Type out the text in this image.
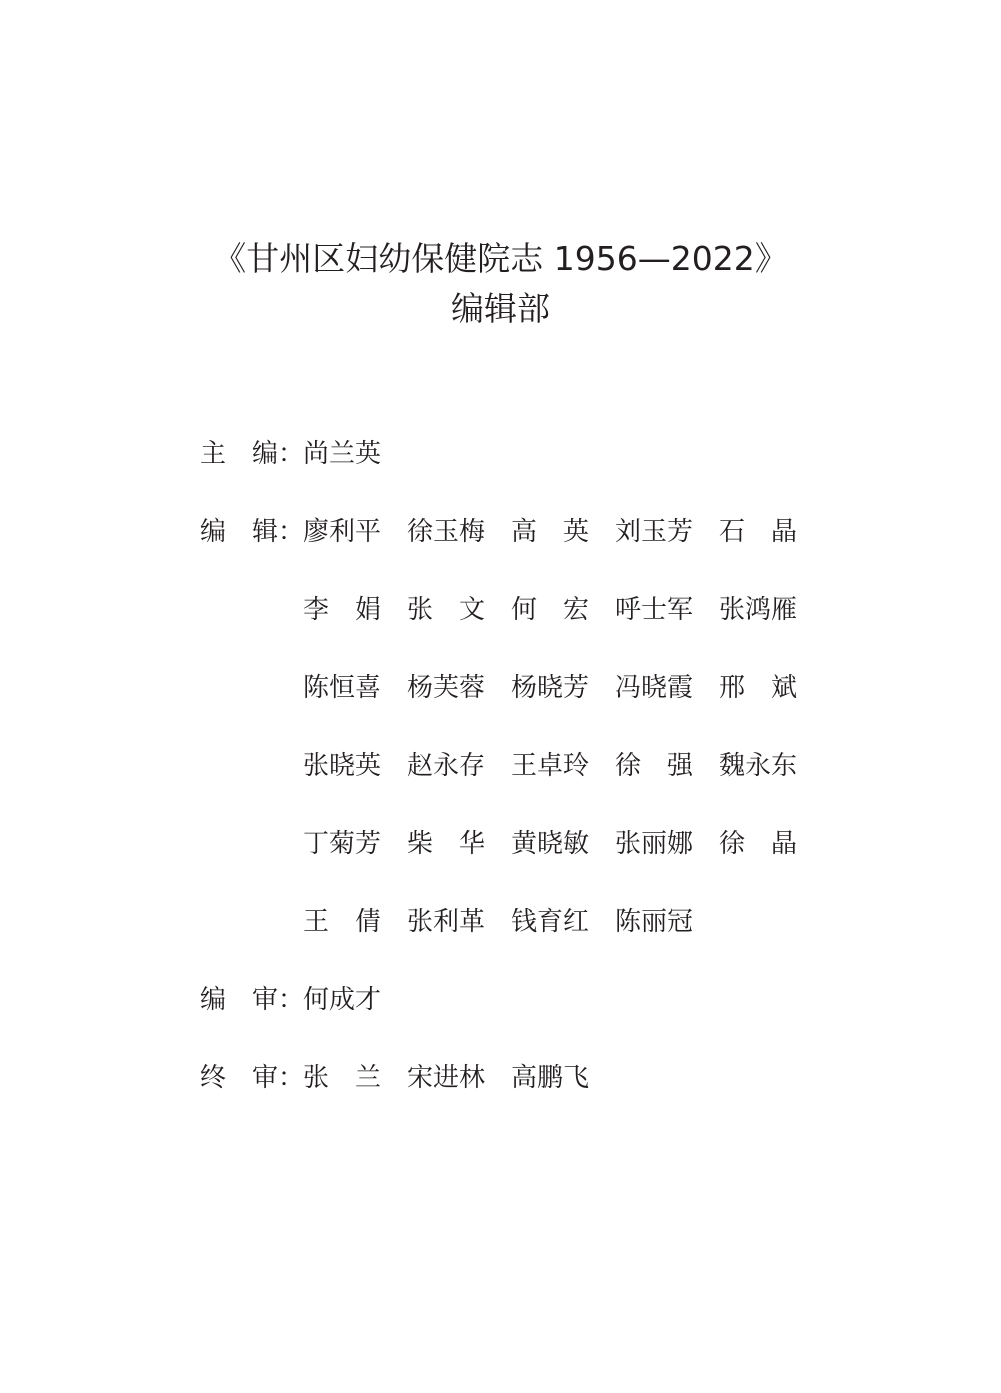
《甘州区妇幼保健院志 1956—2022》
编辑部
主 编 ：
尚兰英
编 辑 ：
廖利平 徐玉梅 高 英 刘玉芳 石 晶
李 娟 张 文 何 宏 呼士军 张鸿雁
陈恒喜 杨芙蓉 杨晓芳 冯晓霞 邢 斌
张晓英 赵永存 王卓玲 徐 强 魏永东
丁菊芳 柴 华 黄晓敏 张丽娜 徐 晶
王 倩 张利革 钱育红 陈丽冠
编 审 ：
何成才
终 审 ：
张 兰 宋进林 高鹏飞
